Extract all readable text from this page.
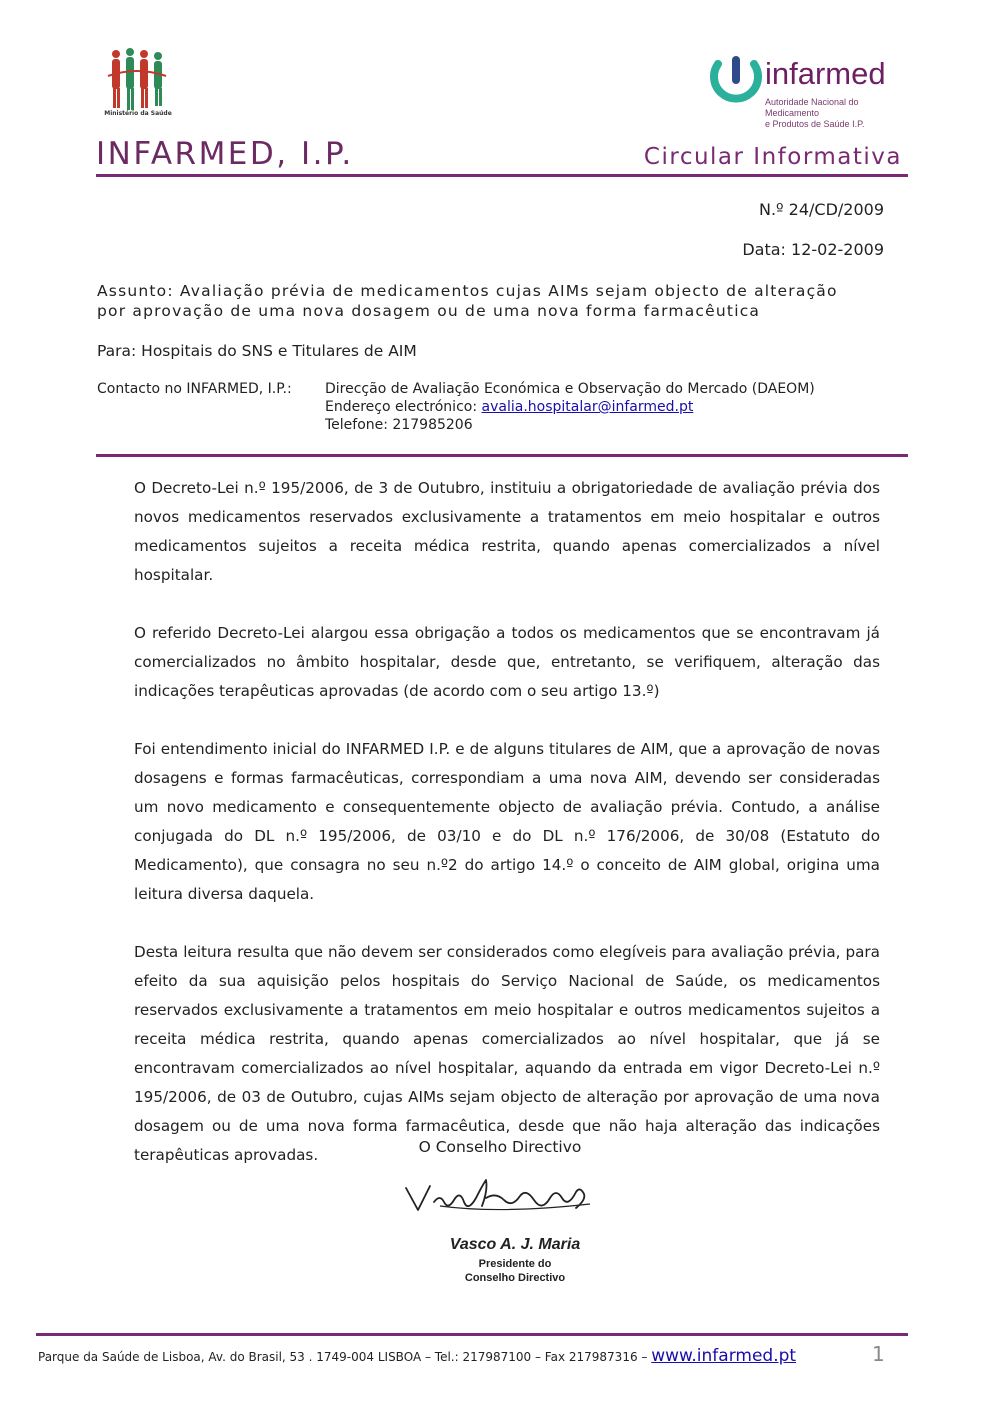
Ministério da Saúde
infarmed
Autoridade Nacional do Medicamento
e Produtos de Saúde I.P.
INFARMED, I.P.	Circular Informativa
N.º 24/CD/2009
Data: 12-02-2009
Assunto: Avaliação prévia de medicamentos cujas AIMs sejam objecto de alteração
por aprovação de uma nova dosagem ou de uma nova forma farmacêutica
Para: Hospitais do SNS e Titulares de AIM
Contacto no INFARMED, I.P.:	Direcção de Avaliação Económica e Observação do Mercado (DAEOM)
Endereço electrónico: avalia.hospitalar@infarmed.pt
Telefone: 217985206

O Decreto-Lei n.º 195/2006, de 3 de Outubro, instituiu a obrigatoriedade de avaliação prévia dos novos medicamentos reservados exclusivamente a tratamentos em meio hospitalar e outros medicamentos sujeitos a receita médica restrita, quando apenas comercializados a nível hospitalar.

O referido Decreto-Lei alargou essa obrigação a todos os medicamentos que se encontravam já comercializados no âmbito hospitalar, desde que, entretanto, se verifiquem, alteração das indicações terapêuticas aprovadas (de acordo com o seu artigo 13.º)

Foi entendimento inicial do INFARMED I.P. e de alguns titulares de AIM, que a aprovação de novas dosagens e formas farmacêuticas, correspondiam a uma nova AIM, devendo ser consideradas um novo medicamento e consequentemente objecto de avaliação prévia. Contudo, a análise conjugada do DL n.º 195/2006, de 03/10 e do DL n.º 176/2006, de 30/08 (Estatuto do Medicamento), que consagra no seu n.º2 do artigo 14.º o conceito de AIM global, origina uma leitura diversa daquela.

Desta leitura resulta que não devem ser considerados como elegíveis para avaliação prévia, para efeito da sua aquisição pelos hospitais do Serviço Nacional de Saúde, os medicamentos reservados exclusivamente a tratamentos em meio hospitalar e outros medicamentos sujeitos a receita médica restrita, quando apenas comercializados ao nível hospitalar, que já se encontravam comercializados ao nível hospitalar, aquando da entrada em vigor Decreto-Lei n.º 195/2006, de 03 de Outubro, cujas AIMs sejam objecto de alteração por aprovação de uma nova dosagem ou de uma nova forma farmacêutica, desde que não haja alteração das indicações terapêuticas aprovadas.	O Conselho Directivo
Vasco A. J. Maria
Presidente do
Conselho Directivo
Parque da Saúde de Lisboa, Av. do Brasil, 53 . 1749-004 LISBOA – Tel.: 217987100 – Fax 217987316 – www.infarmed.pt	1
